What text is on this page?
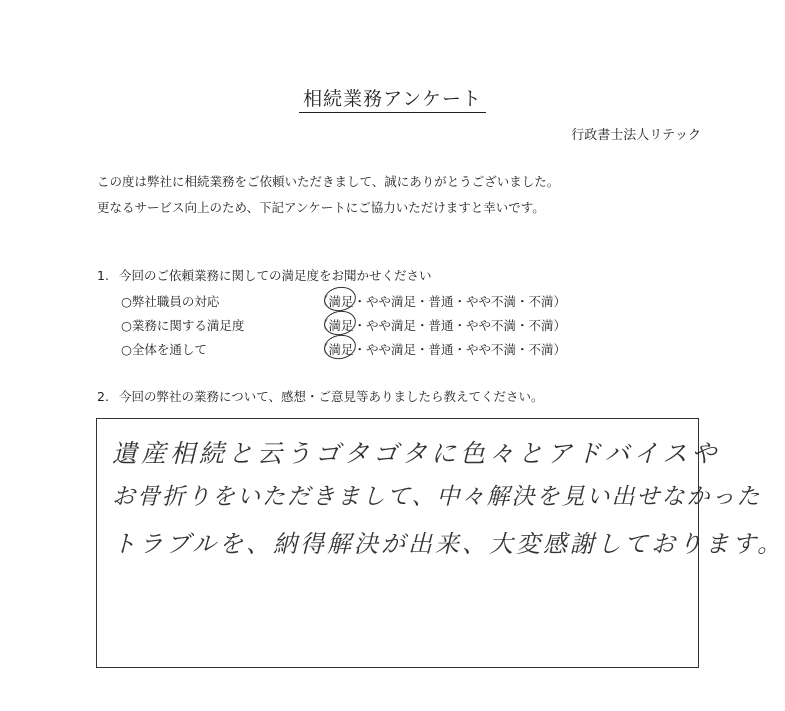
相続業務アンケート
行政書士法人リテック
この度は弊社に相続業務をご依頼いただきまして、誠にありがとうございました。
更なるサービス向上のため、下記アンケートにご協力いただけますと幸いです。
1. 今回のご依頼業務に関しての満足度をお聞かせください
○弊社職員の対応	（満足・やや満足・普通・やや不満・不満）
○業務に関する満足度	（満足・やや満足・普通・やや不満・不満）
○全体を通して	（満足・やや満足・普通・やや不満・不満）
2. 今回の弊社の業務について、感想・ご意見等ありましたら教えてください。
遺産相続と云うゴタゴタに色々とアドバイスや
お骨折りをいただきまして、中々解決を見い出せなかった
トラブルを、納得解決が出来、大変感謝しております。
